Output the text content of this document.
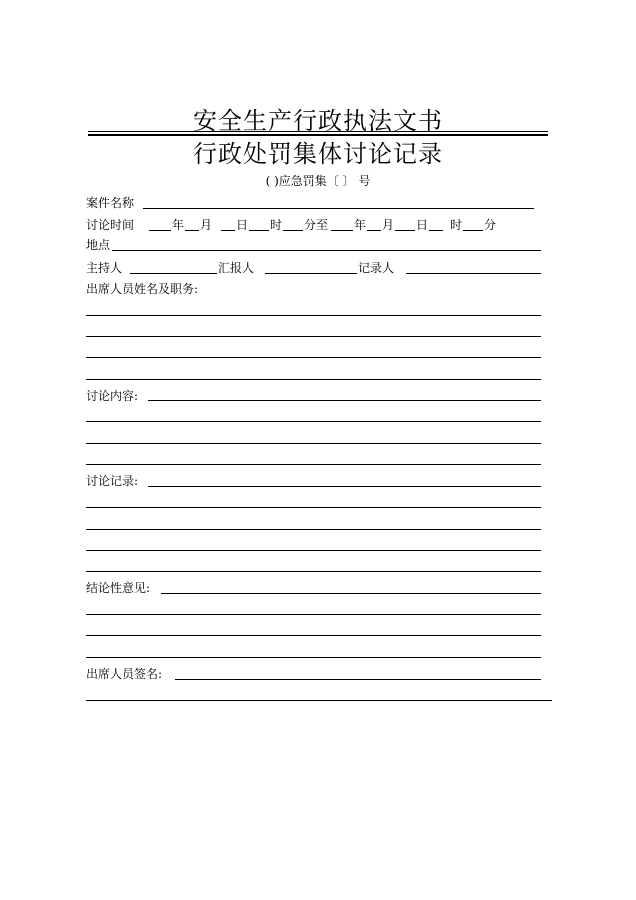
安全生产行政执法文书
行政处罚集体讨论记录
( )应急罚集〔 〕 号
案件名称
讨论时间	年 月 日 时 分至 年 月 日 时 分
地点
主持人	汇报人	记录人
出席人员姓名及职务:
讨论内容:
讨论记录:
结论性意见:
出席人员签名:
